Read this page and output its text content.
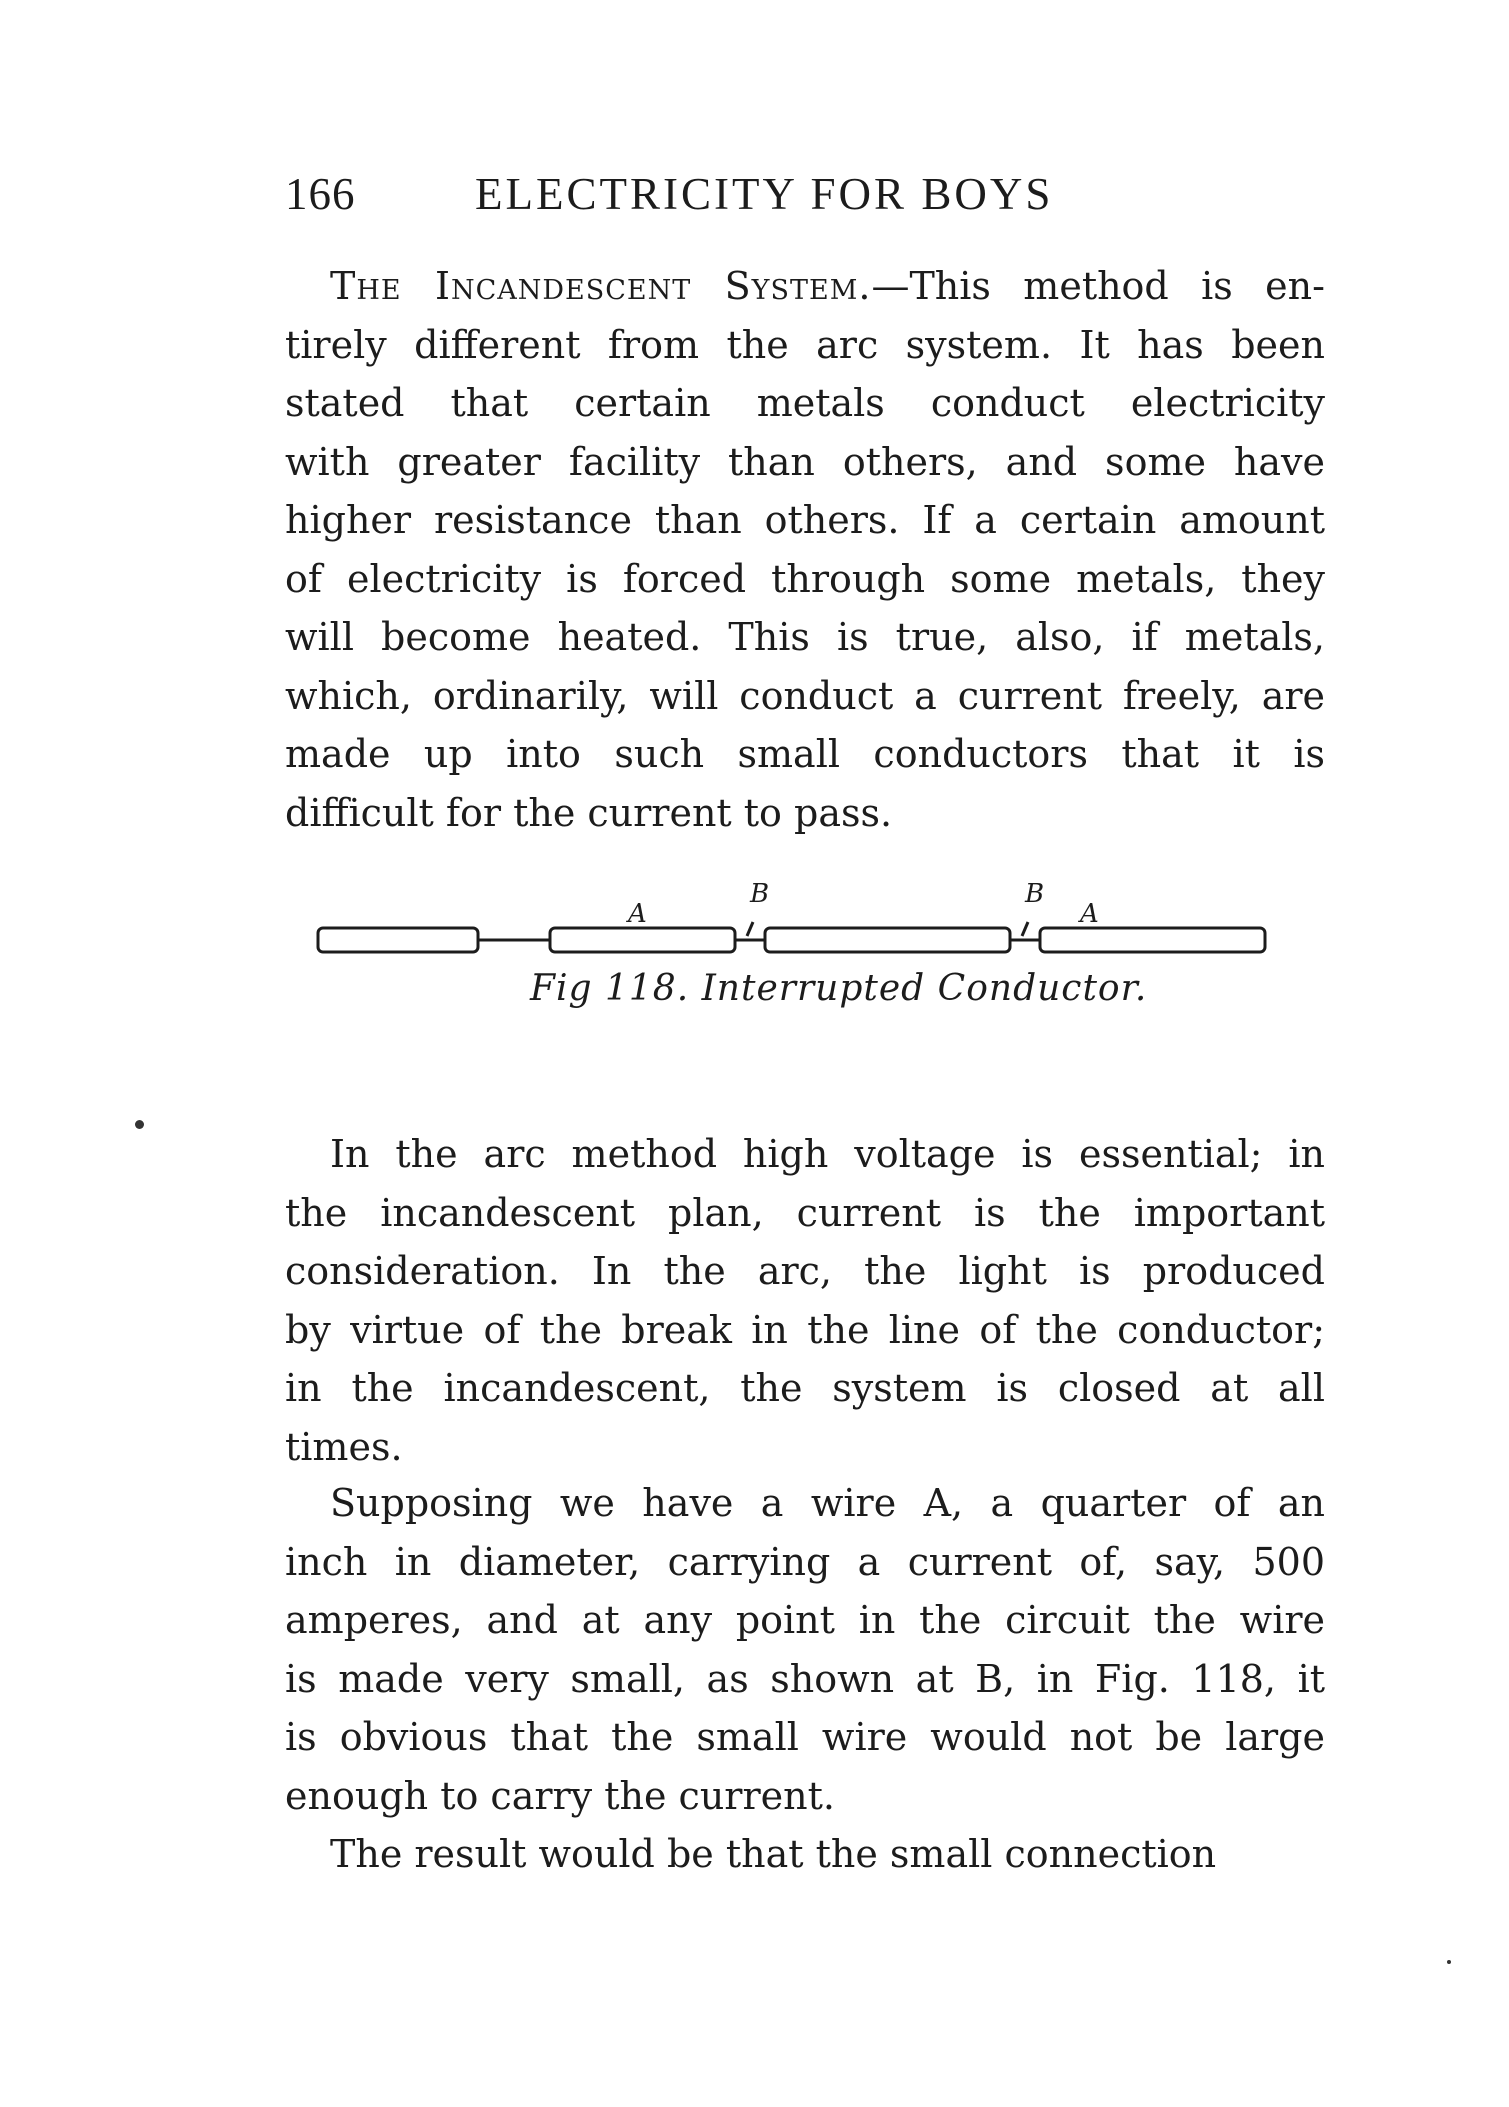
166	ELECTRICITY FOR BOYS
The Incandescent System.—This method is en-
tirely different from the arc system. It has been
stated that certain metals conduct electricity
with greater facility than others, and some have
higher resistance than others. If a certain amount
of electricity is forced through some metals, they
will become heated. This is true, also, if metals,
which, ordinarily, will conduct a current freely, are
made up into such small conductors that it is
difficult for the current to pass.
A
B	B
A
Fig 118. Interrupted Conductor.
In the arc method high voltage is essential; in
the incandescent plan, current is the important
consideration. In the arc, the light is produced
by virtue of the break in the line of the conductor;
in the incandescent, the system is closed at all
times.
Supposing we have a wire A, a quarter of an
inch in diameter, carrying a current of, say, 500
amperes, and at any point in the circuit the wire
is made very small, as shown at B, in Fig. 118, it
is obvious that the small wire would not be large
enough to carry the current.
The result would be that the small connection
